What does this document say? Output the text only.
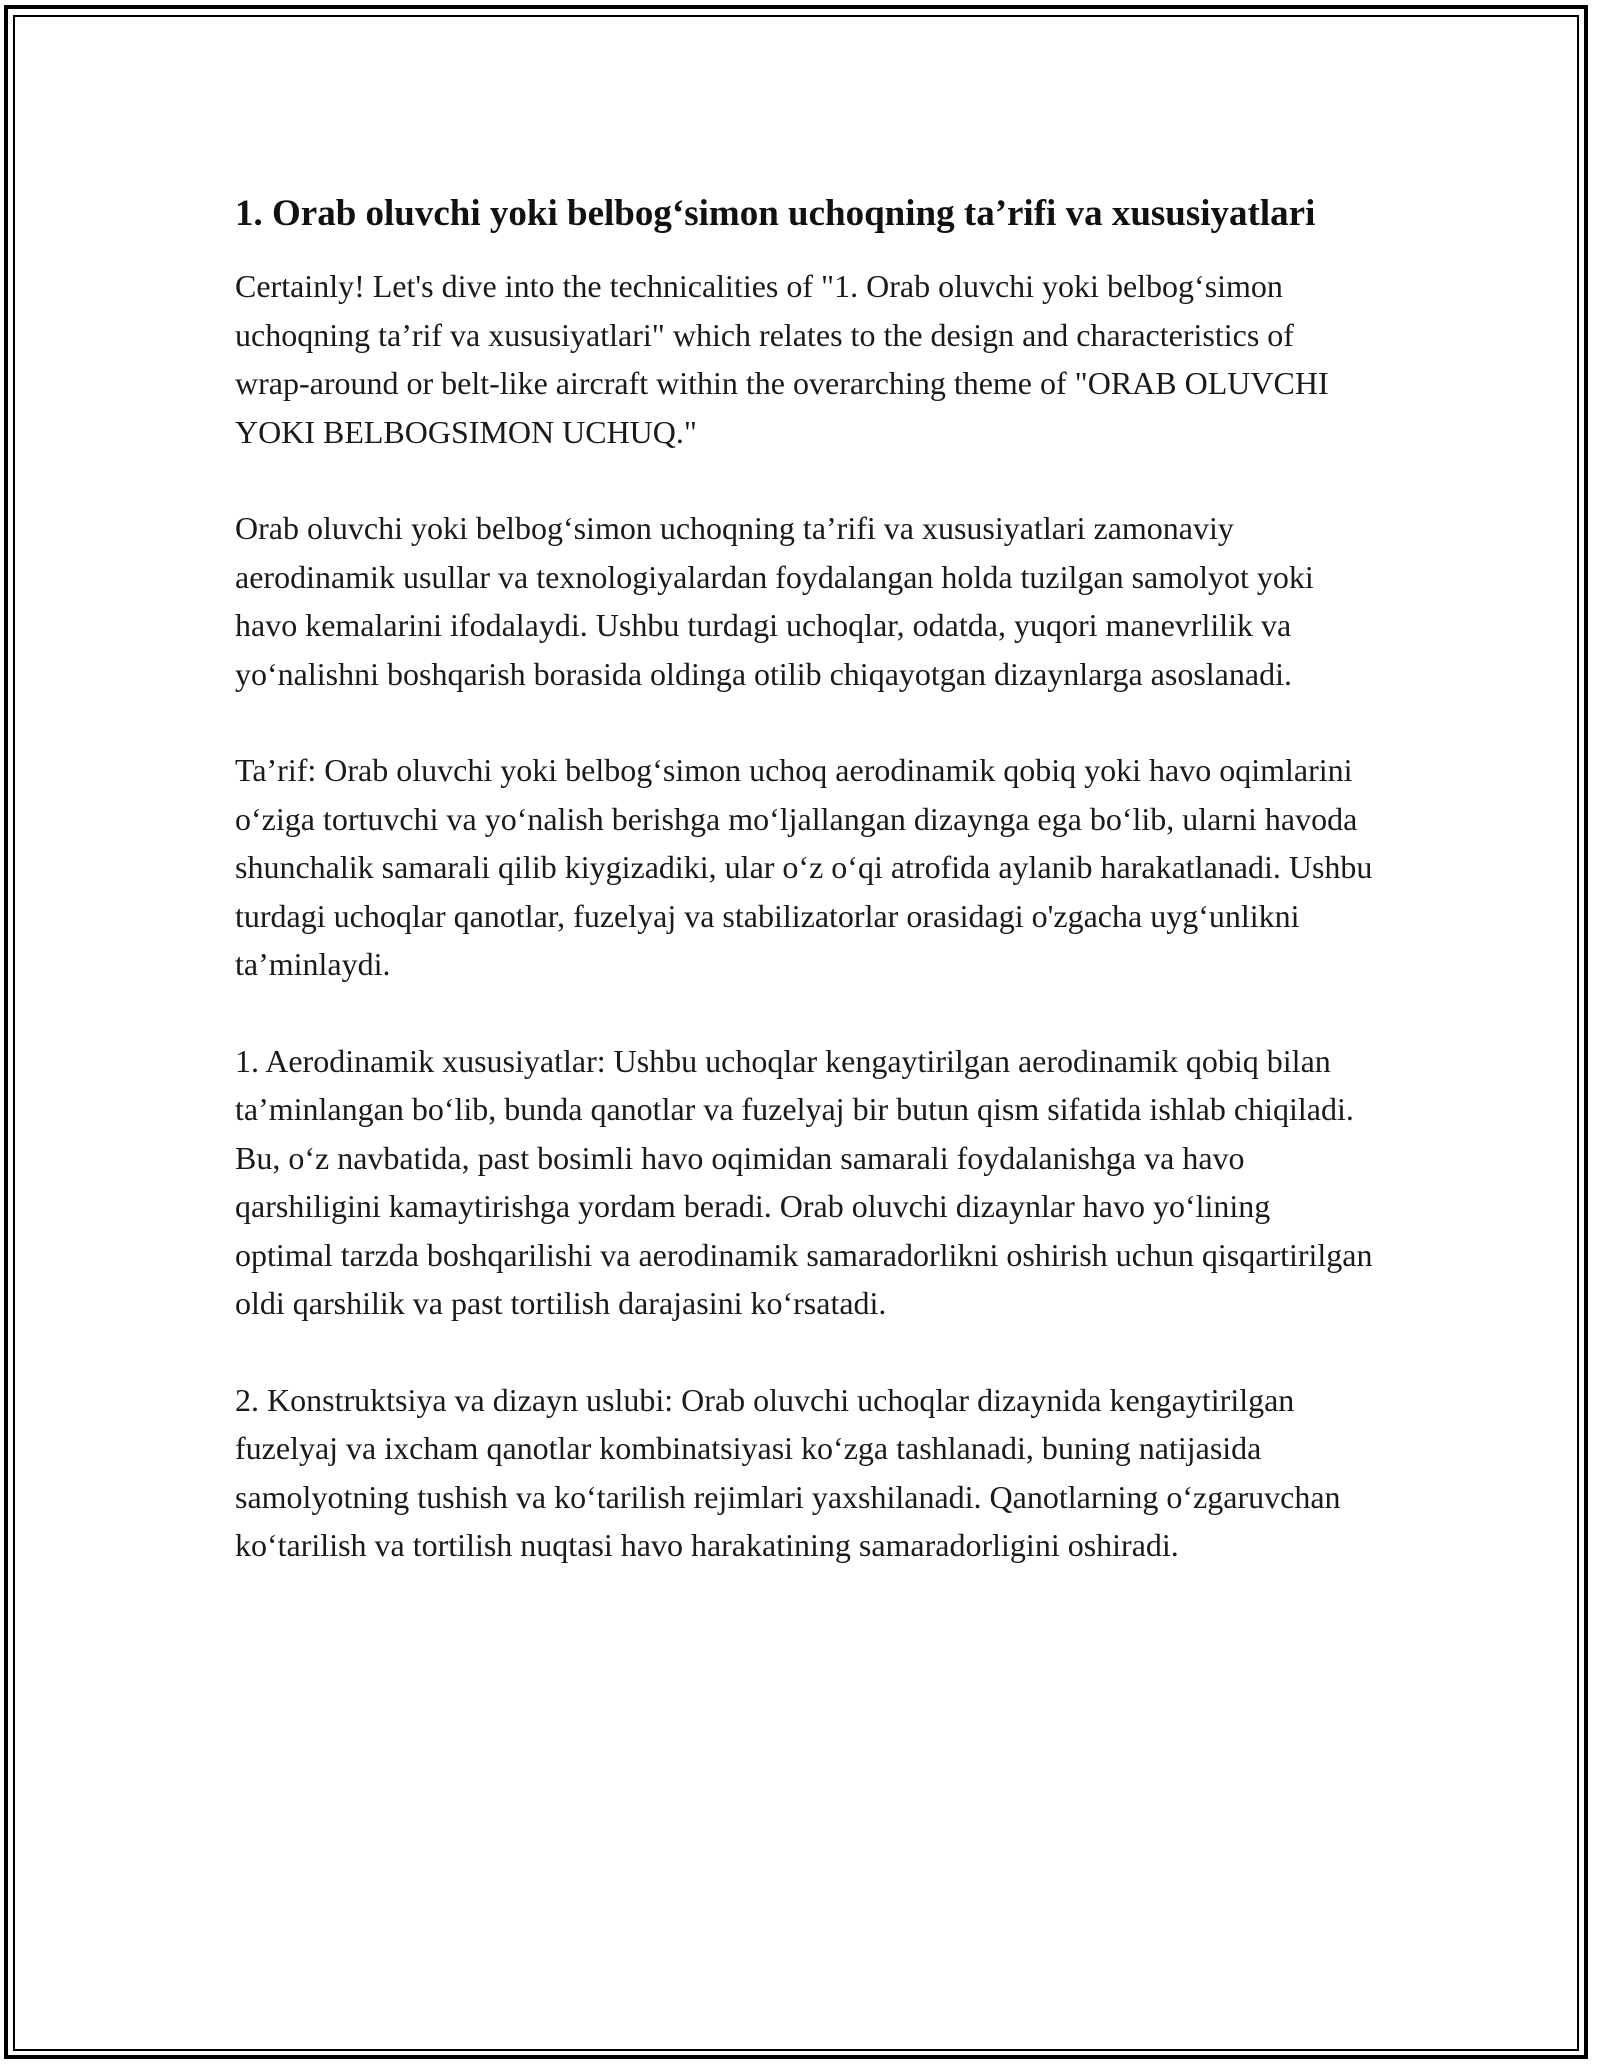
1. Orab oluvchi yoki belbog‘simon uchoqning ta’rifi va xususiyatlari

Certainly! Let's dive into the technicalities of "1. Orab oluvchi yoki belbog‘simon uchoqning ta’rif va xususiyatlari" which relates to the design and characteristics of wrap-around or belt-like aircraft within the overarching theme of "ORAB OLUVCHI YOKI BELBOGSIMON UCHUQ."

Orab oluvchi yoki belbog‘simon uchoqning ta’rifi va xususiyatlari zamonaviy aerodinamik usullar va texnologiyalardan foydalangan holda tuzilgan samolyot yoki havo kemalarini ifodalaydi. Ushbu turdagi uchoqlar, odatda, yuqori manevrlilik va yo‘nalishni boshqarish borasida oldinga otilib chiqayotgan dizaynlarga asoslanadi.

Ta’rif: Orab oluvchi yoki belbog‘simon uchoq aerodinamik qobiq yoki havo oqimlarini o‘ziga tortuvchi va yo‘nalish berishga mo‘ljallangan dizaynga ega bo‘lib, ularni havoda shunchalik samarali qilib kiygizadiki, ular o‘z o‘qi atrofida aylanib harakatlanadi. Ushbu turdagi uchoqlar qanotlar, fuzelyaj va stabilizatorlar orasidagi o'zgacha uyg‘unlikni ta’minlaydi.

1. Aerodinamik xususiyatlar: Ushbu uchoqlar kengaytirilgan aerodinamik qobiq bilan ta’minlangan bo‘lib, bunda qanotlar va fuzelyaj bir butun qism sifatida ishlab chiqiladi. Bu, o‘z navbatida, past bosimli havo oqimidan samarali foydalanishga va havo qarshiligini kamaytirishga yordam beradi. Orab oluvchi dizaynlar havo yo‘lining optimal tarzda boshqarilishi va aerodinamik samaradorlikni oshirish uchun qisqartirilgan oldi qarshilik va past tortilish darajasini ko‘rsatadi.

2. Konstruktsiya va dizayn uslubi: Orab oluvchi uchoqlar dizaynida kengaytirilgan fuzelyaj va ixcham qanotlar kombinatsiyasi ko‘zga tashlanadi, buning natijasida samolyotning tushish va ko‘tarilish rejimlari yaxshilanadi. Qanotlarning o‘zgaruvchan ko‘tarilish va tortilish nuqtasi havo harakatining samaradorligini oshiradi.
